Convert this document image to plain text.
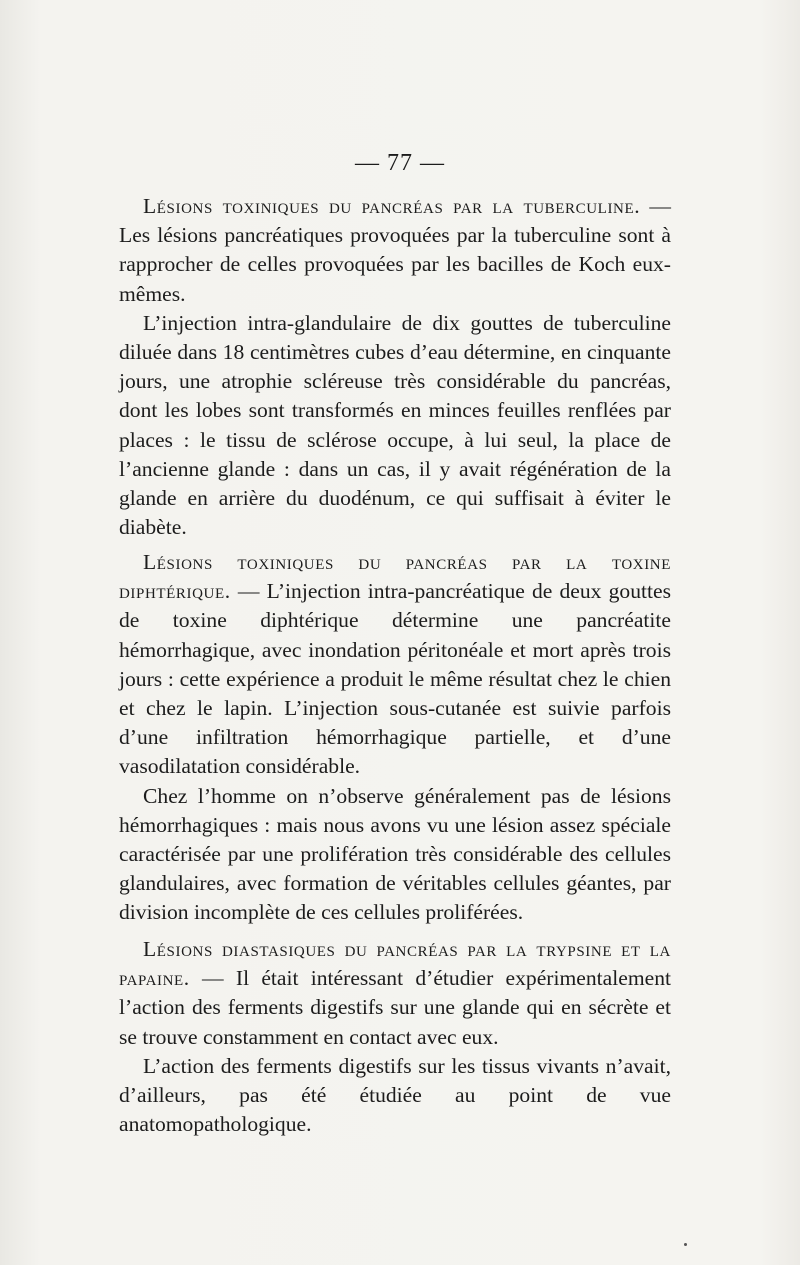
— 77 —

Lésions toxiniques du pancréas par la tuberculine. — Les lésions pancréatiques provoquées par la tuberculine sont à rapprocher de celles provoquées par les bacilles de Koch eux-mêmes.

L’injection intra-glandulaire de dix gouttes de tuberculine diluée dans 18 centimètres cubes d’eau détermine, en cinquante jours, une atrophie scléreuse très considérable du pancréas, dont les lobes sont transformés en minces feuilles renflées par places : le tissu de sclérose occupe, à lui seul, la place de l’ancienne glande : dans un cas, il y avait régénération de la glande en arrière du duodénum, ce qui suffisait à éviter le diabète.

Lésions toxiniques du pancréas par la toxine diphtérique. — L’injection intra-pancréatique de deux gouttes de toxine diphtérique détermine une pancréatite hémorrhagique, avec inondation péritonéale et mort après trois jours : cette expérience a produit le même résultat chez le chien et chez le lapin. L’injection sous-cutanée est suivie parfois d’une infiltration hémorrhagique partielle, et d’une vasodilatation considérable.

Chez l’homme on n’observe généralement pas de lésions hémorrhagiques : mais nous avons vu une lésion assez spéciale caractérisée par une prolifération très considérable des cellules glandulaires, avec formation de véritables cellules géantes, par division incomplète de ces cellules proliférées.

Lésions diastasiques du pancréas par la trypsine et la papaine. — Il était intéressant d’étudier expérimentalement l’action des ferments digestifs sur une glande qui en sécrète et se trouve constamment en contact avec eux.

L’action des ferments digestifs sur les tissus vivants n’avait, d’ailleurs, pas été étudiée au point de vue anatomopathologique.
